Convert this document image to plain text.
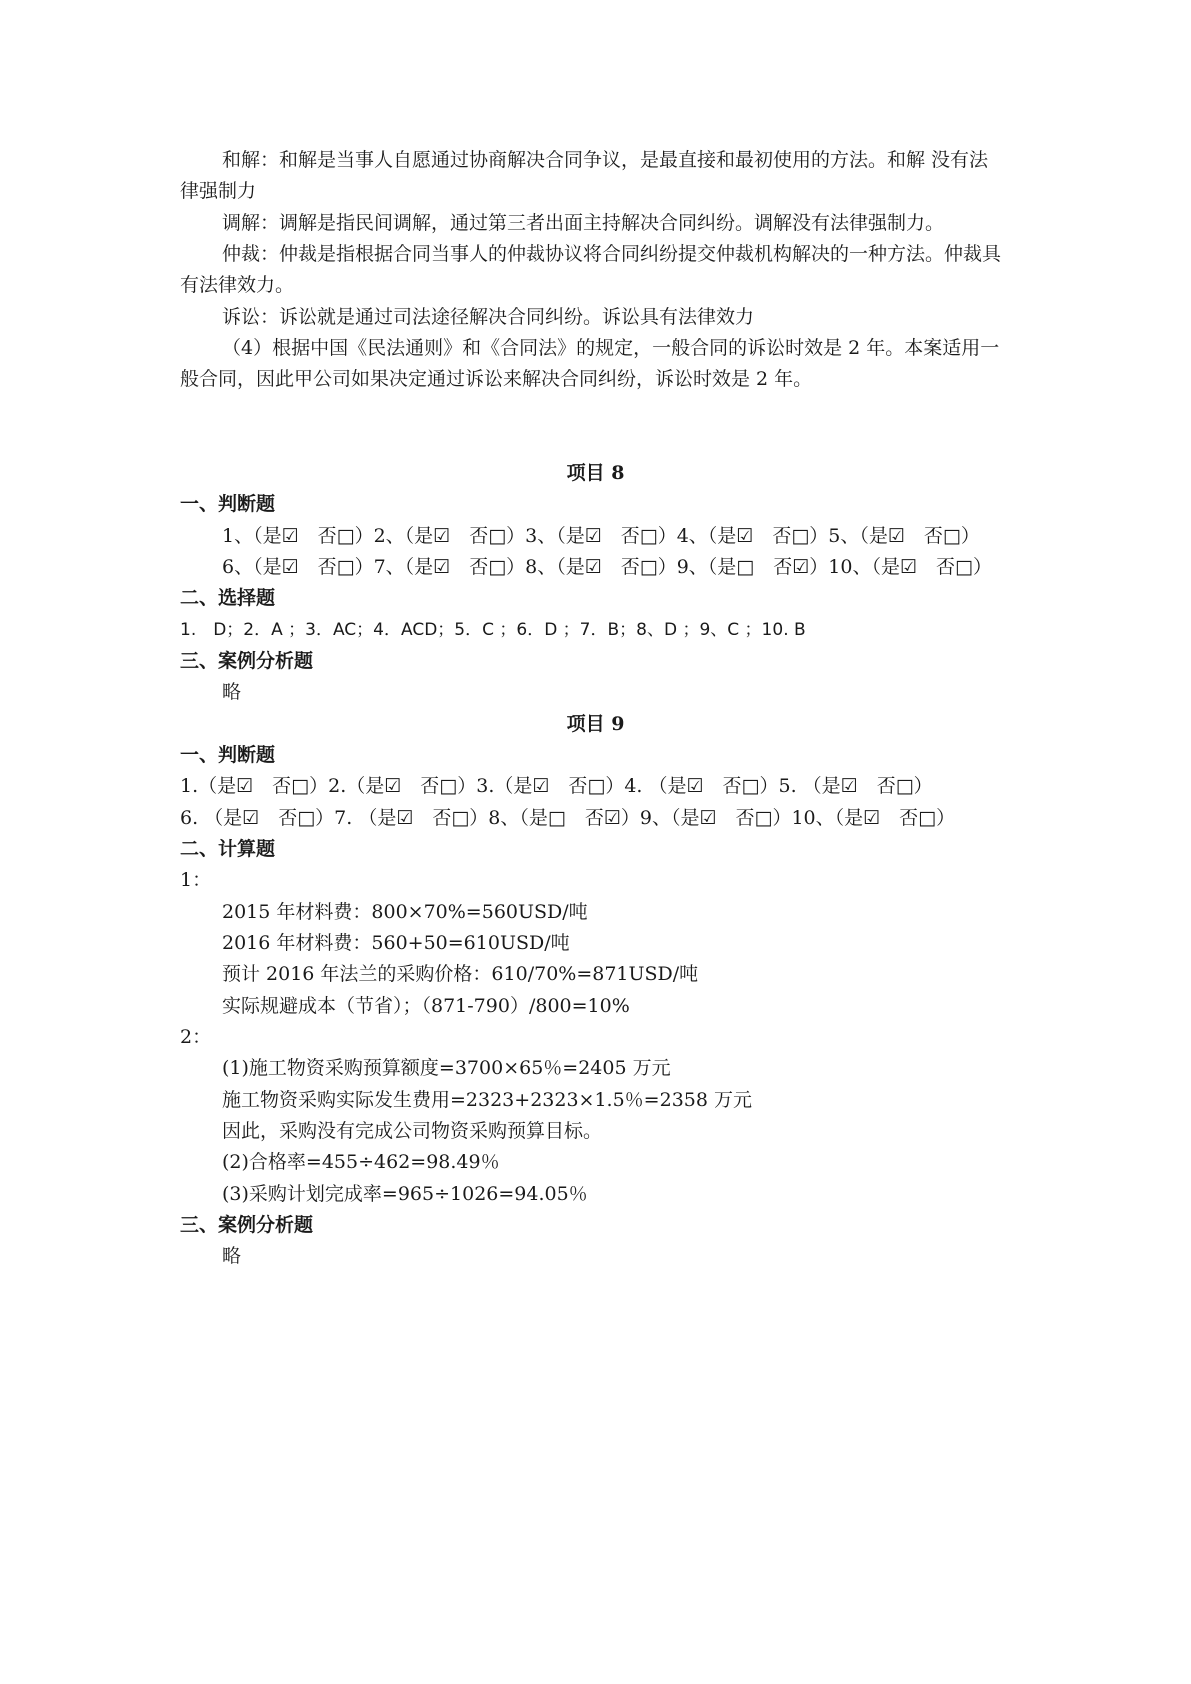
和解：和解是当事人自愿通过协商解决合同争议，是最直接和最初使用的方法。和解 没有法
律强制力
调解：调解是指民间调解，通过第三者出面主持解决合同纠纷。调解没有法律强制力。
仲裁：仲裁是指根据合同当事人的仲裁协议将合同纠纷提交仲裁机构解决的一种方法。仲裁具
有法律效力。
诉讼：诉讼就是通过司法途径解决合同纠纷。诉讼具有法律效力
（4）根据中国《民法通则》和《合同法》的规定，一般合同的诉讼时效是 2 年。本案适用一
般合同，因此甲公司如果决定通过诉讼来解决合同纠纷，诉讼时效是 2 年。
项目 8
一、判断题
1、（是☑　否□）2、（是☑　否□）3、（是☑　否□）4、（是☑　否□）5、（是☑　否□）
6、（是☑　否□）7、（是☑　否□）8、（是☑　否□）9、（是□　否☑）10、（是☑　否□）
二、选择题
1.　D；2．A ；3．AC；4．ACD；5．C ；6．D ；7．B；8、D ；9、C ；10. B
三、案例分析题
略
项目 9
一、判断题
1.（是☑　否□）2.（是☑　否□）3.（是☑　否□）4. （是☑　否□）5. （是☑　否□）
6. （是☑　否□）7. （是☑　否□）8、（是□　否☑）9、（是☑　否□）10、（是☑　否□）
二、计算题
1：
2015 年材料费：800×70%=560USD/吨
2016 年材料费：560+50=610USD/吨
预计 2016 年法兰的采购价格：610/70%=871USD/吨
实际规避成本（节省）；（871-790）/800=10%
2：
(1)施工物资采购预算额度=3700×65％=2405 万元
施工物资采购实际发生费用=2323+2323×1.5％=2358 万元
因此，采购没有完成公司物资采购预算目标。
(2)合格率=455÷462=98.49％
(3)采购计划完成率=965÷1026=94.05％
三、案例分析题
略
